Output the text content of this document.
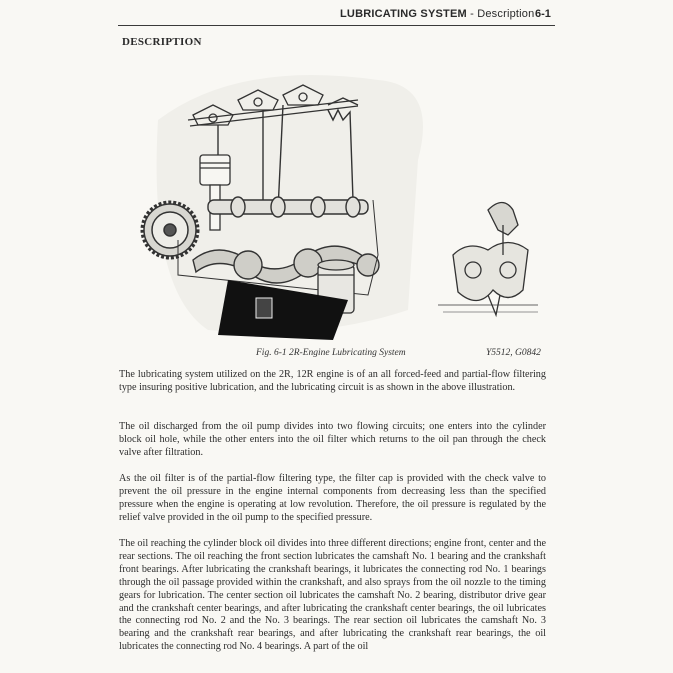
LUBRICATING SYSTEM - Description 6-1
DESCRIPTION
Fig. 6-1 2R-Engine Lubricating System	Y5512, G0842

The lubricating system utilized on the 2R, 12R engine is of an all forced-feed and partial-flow filtering type insuring positive lubrication, and the lubricating circuit is as shown in the above illustration.

The oil discharged from the oil pump divides into two flowing circuits; one enters into the cylinder block oil hole, while the other enters into the oil filter which returns to the oil pan through the check valve after filtration.

As the oil filter is of the partial-flow filtering type, the filter cap is provided with the check valve to prevent the oil pressure in the engine internal components from decreasing less than the specified pressure when the engine is operating at low revolution. Therefore, the oil pressure is regulated by the relief valve provided in the oil pump to the specified pressure.

The oil reaching the cylinder block oil divides into three different directions; engine front, center and the rear sections. The oil reaching the front section lubricates the camshaft No. 1 bearing and the crankshaft front bearings. After lubricating the crankshaft bearings, it lubricates the connecting rod No. 1 bearings through the oil passage provided within the crankshaft, and also sprays from the oil nozzle to the timing gears for lubrication. The center section oil lubricates the camshaft No. 2 bearing, distributor drive gear and the crankshaft center bearings, and after lubricating the crankshaft center bearings, the oil lubricates the connecting rod No. 2 and the No. 3 bearings. The rear section oil lubricates the camshaft No. 3 bearing and the crankshaft rear bearings, and after lubricating the crankshaft rear bearings, the oil lubricates the connecting rod No. 4 bearings. A part of the oil
